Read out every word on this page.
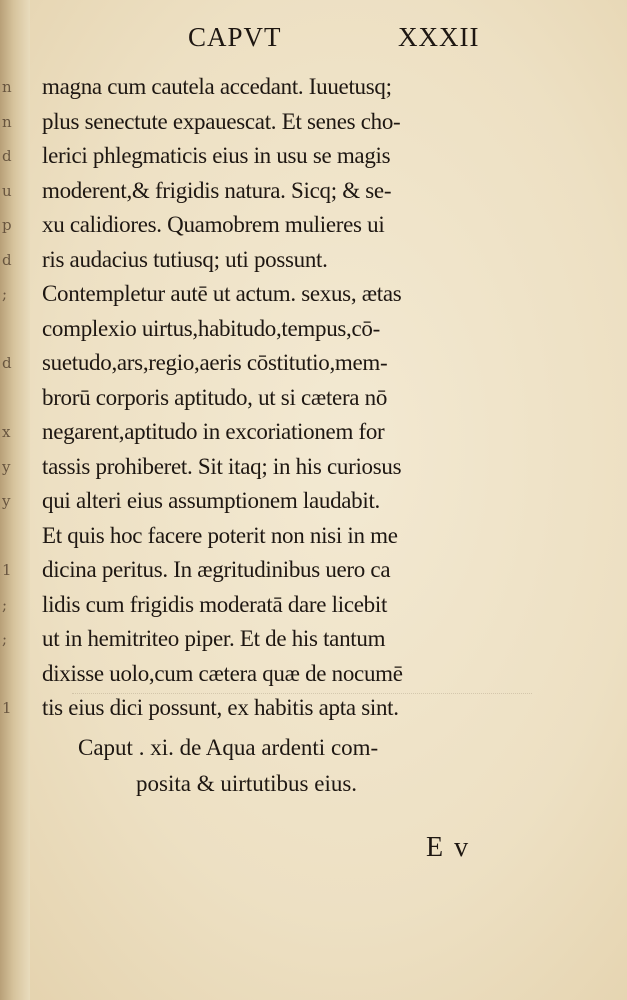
n
n
d
u
p
d
;
d
x
y
y
1
;
;
1
CAPVT	XXXII
magna cum cautela accedant. Iuuetusq;
plus senectute expauescat. Et senes cho-
lerici phlegmaticis eius in usu se magis
moderent,& frigidis natura. Sicq; & se-
xu calidiores. Quamobrem mulieres ui
ris audacius tutiusq; uti possunt.
Contempletur autē ut actum. sexus, ætas
complexio uirtus,habitudo,tempus,cō-
suetudo,ars,regio,aeris cōstitutio,mem-
brorū corporis aptitudo, ut si cætera nō
negarent,aptitudo in excoriationem for
tassis prohiberet. Sit itaq; in his curiosus
qui alteri eius assumptionem laudabit.
Et quis hoc facere poterit non nisi in me
dicina peritus. In ægritudinibus uero ca
lidis cum frigidis moderatā dare licebit
ut in hemitriteo piper. Et de his tantum
dixisse uolo,cum cætera quæ de nocumē
tis eius dici possunt, ex habitis apta sint.
Caput . xi. de Aqua ardenti com-
posita & uirtutibus eius.
E v
